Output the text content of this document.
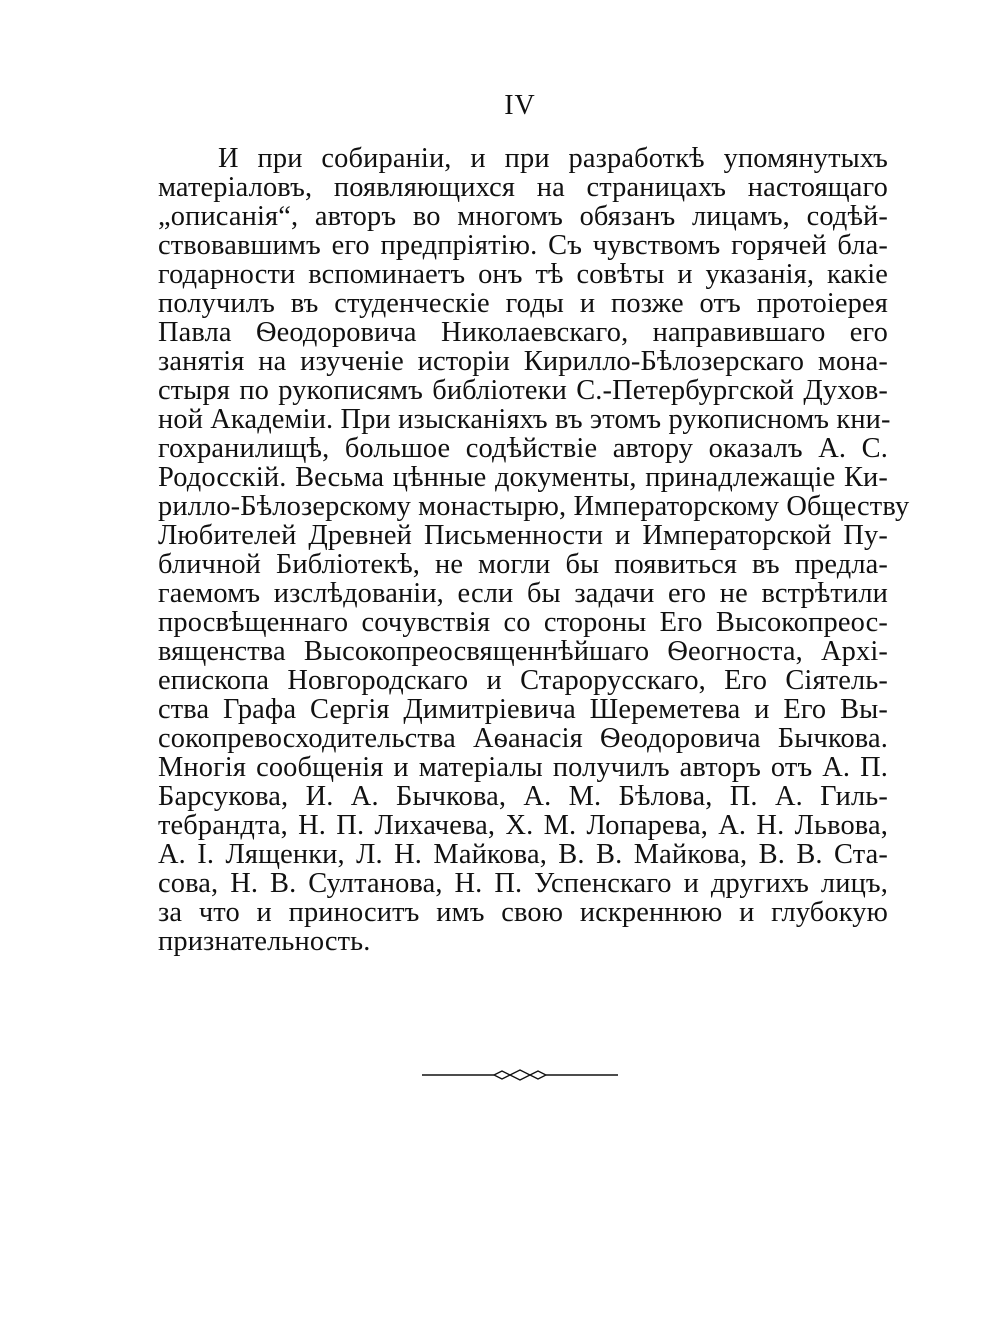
IV
И при собиранiи, и при разработкѣ упомянутыхъ
матерiаловъ, появляющихся на страницахъ настоящаго
„описанiя“, авторъ во многомъ обязанъ лицамъ, содѣй-
ствовавшимъ его предпрiятiю. Съ чувствомъ горячей бла-
годарности вспоминаетъ онъ тѣ совѣты и указанiя, какiе
получилъ въ студенческiе годы и позже отъ протоiерея
Павла Ѳеодоровича Николаевскаго, направившаго его
занятiя на изученiе исторiи Кирилло-Бѣлозерскаго мона-
стыря по рукописямъ библiотеки С.-Петербургской Духов-
ной Академiи. При изысканiяхъ въ этомъ рукописномъ кни-
гохранилищѣ, большое содѣйствiе автору оказалъ А. С.
Родосскiй. Весьма цѣнные документы, принадлежащiе Ки-
рилло-Бѣлозерскому монастырю, Императорскому Обществу
Любителей Древней Письменности и Императорской Пу-
бличной Библiотекѣ, не могли бы появиться въ предла-
гаемомъ изслѣдованiи, если бы задачи его не встрѣтили
просвѣщеннаго сочувствiя со стороны Его Высокопреос-
вященства Высокопреосвященнѣйшаго Ѳеогноста, Архi-
епископа Новгородскаго и Старорусскаго, Его Сiятель-
ства Графа Сергiя Димитрiевича Шереметева и Его Вы-
сокопревосходительства Аѳанасiя Ѳеодоровича Бычкова.
Многiя сообщенiя и матерiалы получилъ авторъ отъ А. П.
Барсукова, И. А. Бычкова, А. М. Бѣлова, П. А. Гиль-
тебрандта, Н. П. Лихачева, Х. М. Лопарева, А. Н. Львова,
А. I. Лященки, Л. Н. Майкова, В. В. Майкова, В. В. Ста-
сова, Н. В. Султанова, Н. П. Успенскаго и другихъ лицъ,
за что и приноситъ имъ свою искреннюю и глубокую
признательность.
